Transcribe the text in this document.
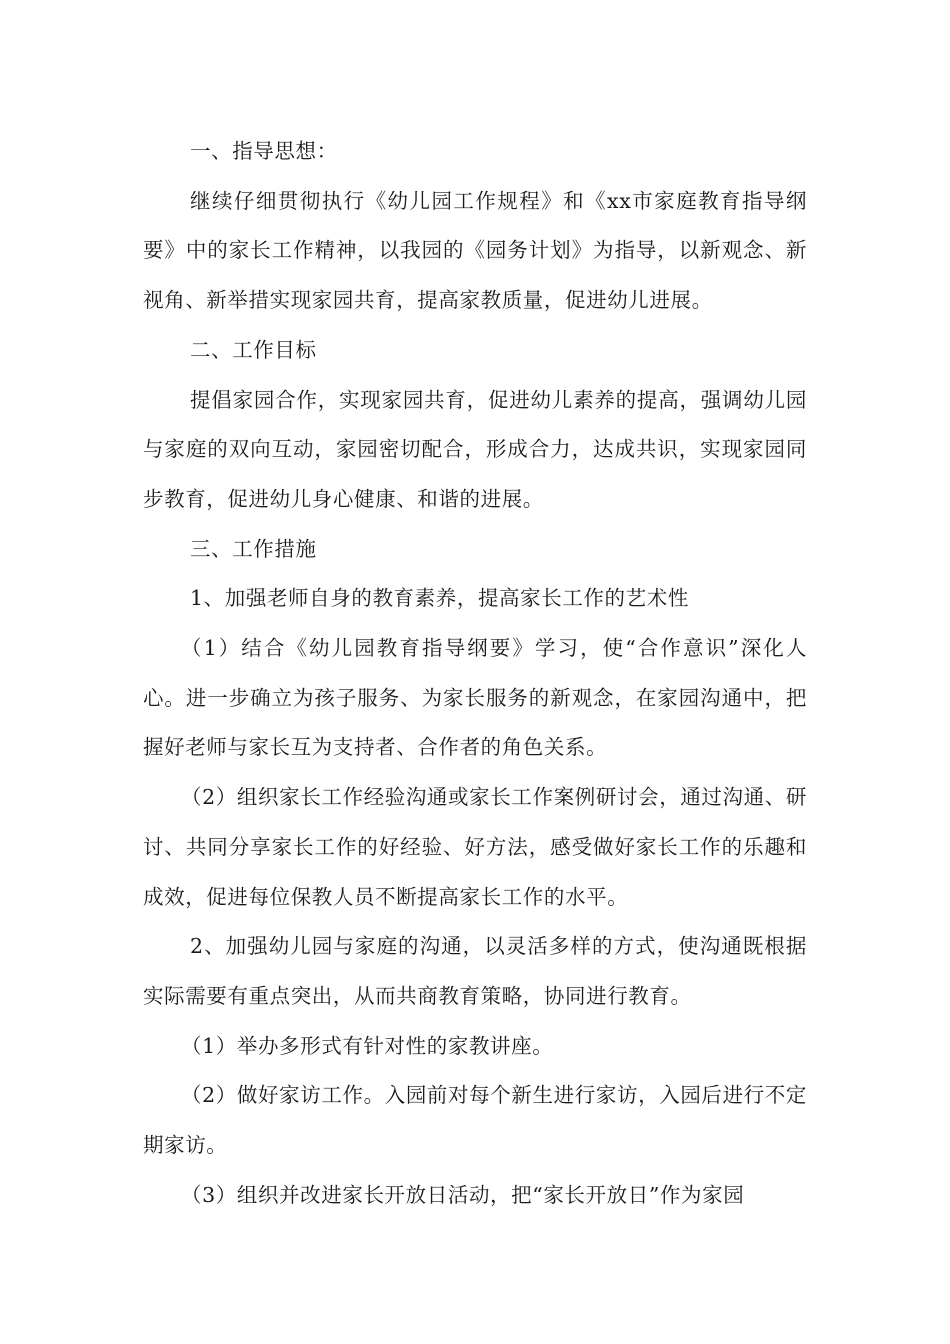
一、指导思想：

继续仔细贯彻执行《幼儿园工作规程》和《xx市家庭教育指导纲要》中的家长工作精神，以我园的《园务计划》为指导，以新观念、新视角、新举措实现家园共育，提高家教质量，促进幼儿进展。

二、工作目标

提倡家园合作，实现家园共育，促进幼儿素养的提高，强调幼儿园与家庭的双向互动，家园密切配合，形成合力，达成共识，实现家园同步教育，促进幼儿身心健康、和谐的进展。

三、工作措施

1、加强老师自身的教育素养，提高家长工作的艺术性

（1）结合《幼儿园教育指导纲要》学习，使“合作意识”深化人心。进一步确立为孩子服务、为家长服务的新观念，在家园沟通中，把握好老师与家长互为支持者、合作者的角色关系。

（2）组织家长工作经验沟通或家长工作案例研讨会，通过沟通、研讨、共同分享家长工作的好经验、好方法，感受做好家长工作的乐趣和成效，促进每位保教人员不断提高家长工作的水平。

2、加强幼儿园与家庭的沟通，以灵活多样的方式，使沟通既根据实际需要有重点突出，从而共商教育策略，协同进行教育。

（1）举办多形式有针对性的家教讲座。

（2）做好家访工作。入园前对每个新生进行家访，入园后进行不定期家访。

（3）组织并改进家长开放日活动，把“家长开放日”作为家园
